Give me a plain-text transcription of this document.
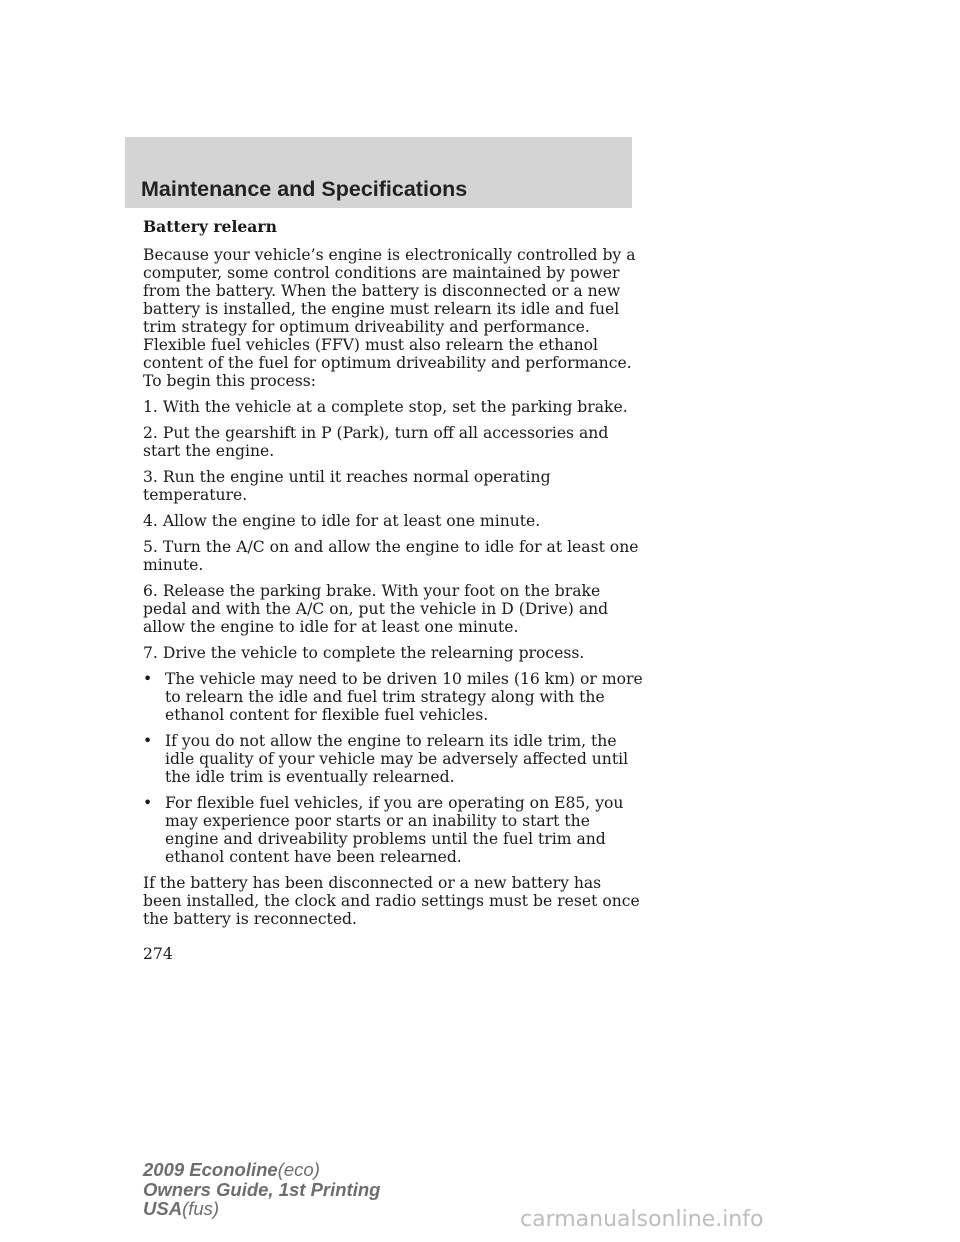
Maintenance and Specifications

Battery relearn

Because your vehicle’s engine is electronically controlled by a computer, some control conditions are maintained by power from the battery. When the battery is disconnected or a new battery is installed, the engine must relearn its idle and fuel trim strategy for optimum driveability and performance. Flexible fuel vehicles (FFV) must also relearn the ethanol content of the fuel for optimum driveability and performance. To begin this process:

1. With the vehicle at a complete stop, set the parking brake.

2. Put the gearshift in P (Park), turn off all accessories and start the engine.

3. Run the engine until it reaches normal operating temperature.

4. Allow the engine to idle for at least one minute.

5. Turn the A/C on and allow the engine to idle for at least one minute.

6. Release the parking brake. With your foot on the brake pedal and with the A/C on, put the vehicle in D (Drive) and allow the engine to idle for at least one minute.

7. Drive the vehicle to complete the relearning process.

• The vehicle may need to be driven 10 miles (16 km) or more to relearn the idle and fuel trim strategy along with the ethanol content for flexible fuel vehicles.
• If you do not allow the engine to relearn its idle trim, the idle quality of your vehicle may be adversely affected until the idle trim is eventually relearned.
• For flexible fuel vehicles, if you are operating on E85, you may experience poor starts or an inability to start the engine and driveability problems until the fuel trim and ethanol content have been relearned.

If the battery has been disconnected or a new battery has been installed, the clock and radio settings must be reset once the battery is reconnected.

274
2009 Econoline(eco)
Owners Guide, 1st Printing
USA(fus)	carmanualsonline.info
